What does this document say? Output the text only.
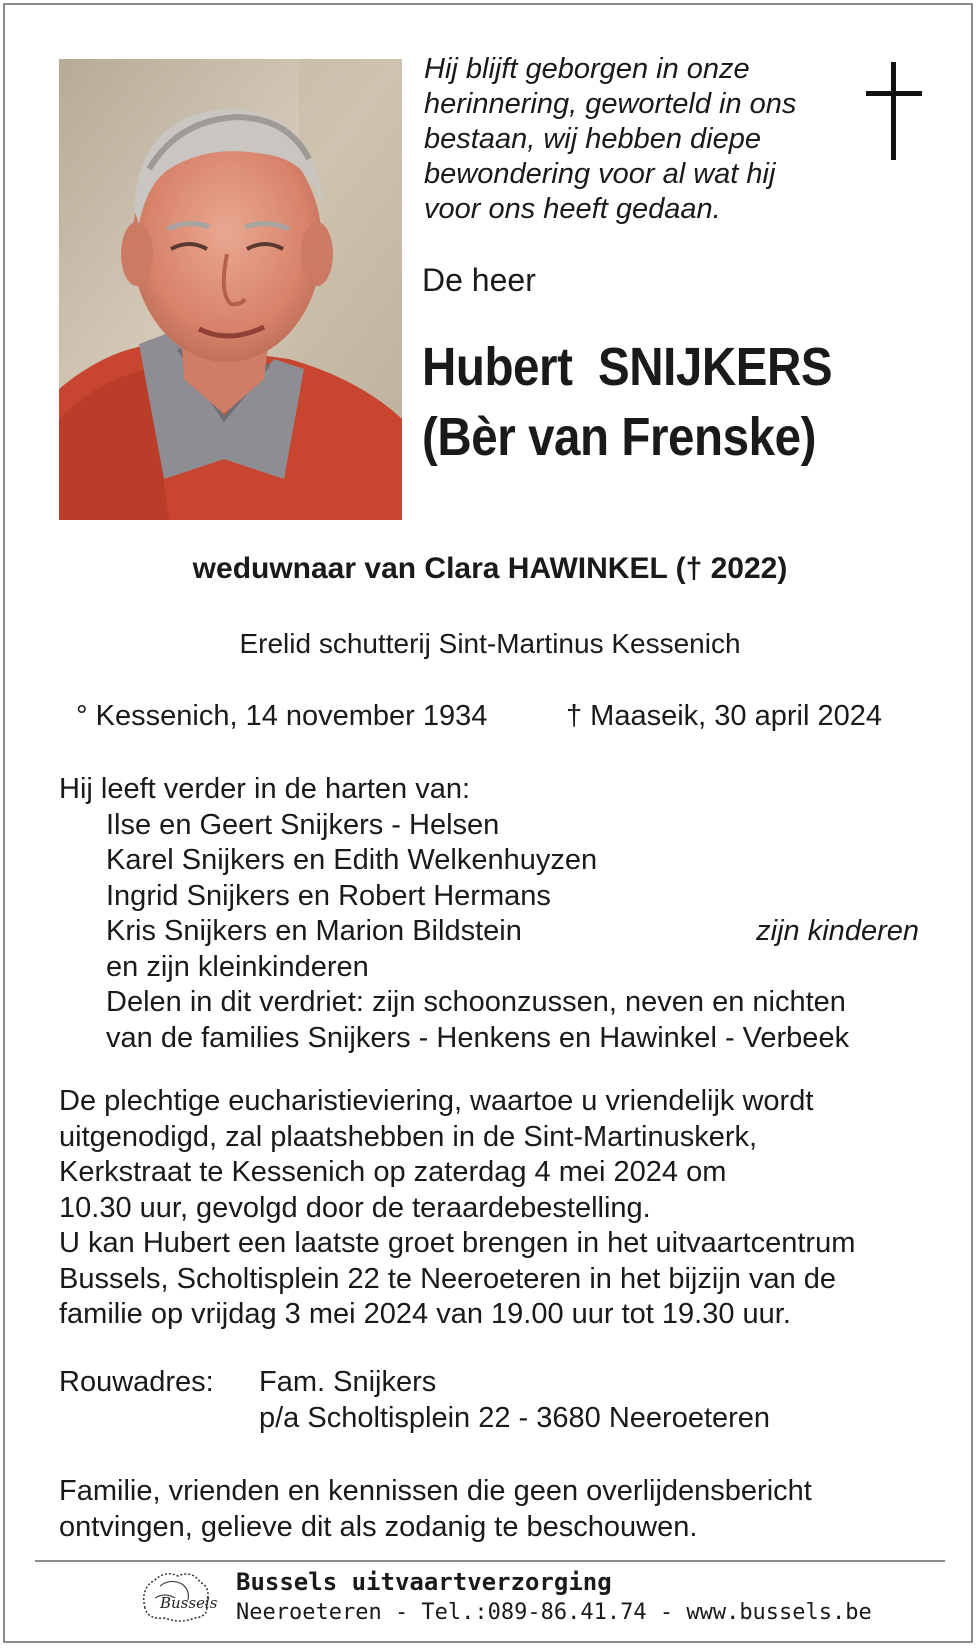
Hij blijft geborgen in onze
herinnering, geworteld in ons
bestaan, wij hebben diepe
bewondering voor al wat hij
voor ons heeft gedaan.
De heer
Hubert  SNIJKERS
(Bèr van Frenske)
weduwnaar van Clara HAWINKEL († 2022)
Erelid schutterij Sint-Martinus Kessenich
° Kessenich, 14 november 1934	† Maaseik, 30 april 2024
Hij leeft verder in de harten van:
Ilse en Geert Snijkers - Helsen
Karel Snijkers en Edith Welkenhuyzen
Ingrid Snijkers en Robert Hermans
Kris Snijkers en Marion Bildstein	zijn kinderen
en zijn kleinkinderen
Delen in dit verdriet: zijn schoonzussen, neven en nichten
van de families Snijkers - Henkens en Hawinkel - Verbeek
De plechtige eucharistieviering, waartoe u vriendelijk wordt
uitgenodigd, zal plaatshebben in de Sint-Martinuskerk,
Kerkstraat te Kessenich op zaterdag 4 mei 2024 om
10.30 uur, gevolgd door de teraardebestelling.
U kan Hubert een laatste groet brengen in het uitvaartcentrum
Bussels, Scholtisplein 22 te Neeroeteren in het bijzijn van de
familie op vrijdag 3 mei 2024 van 19.00 uur tot 19.30 uur.
Rouwadres:	Fam. Snijkers
p/a Scholtisplein 22 - 3680 Neeroeteren
Familie, vrienden en kennissen die geen overlijdensbericht
ontvingen, gelieve dit als zodanig te beschouwen.
Bussels
Bussels uitvaartverzorging
Neeroeteren - Tel.:089-86.41.74 - www.bussels.be
